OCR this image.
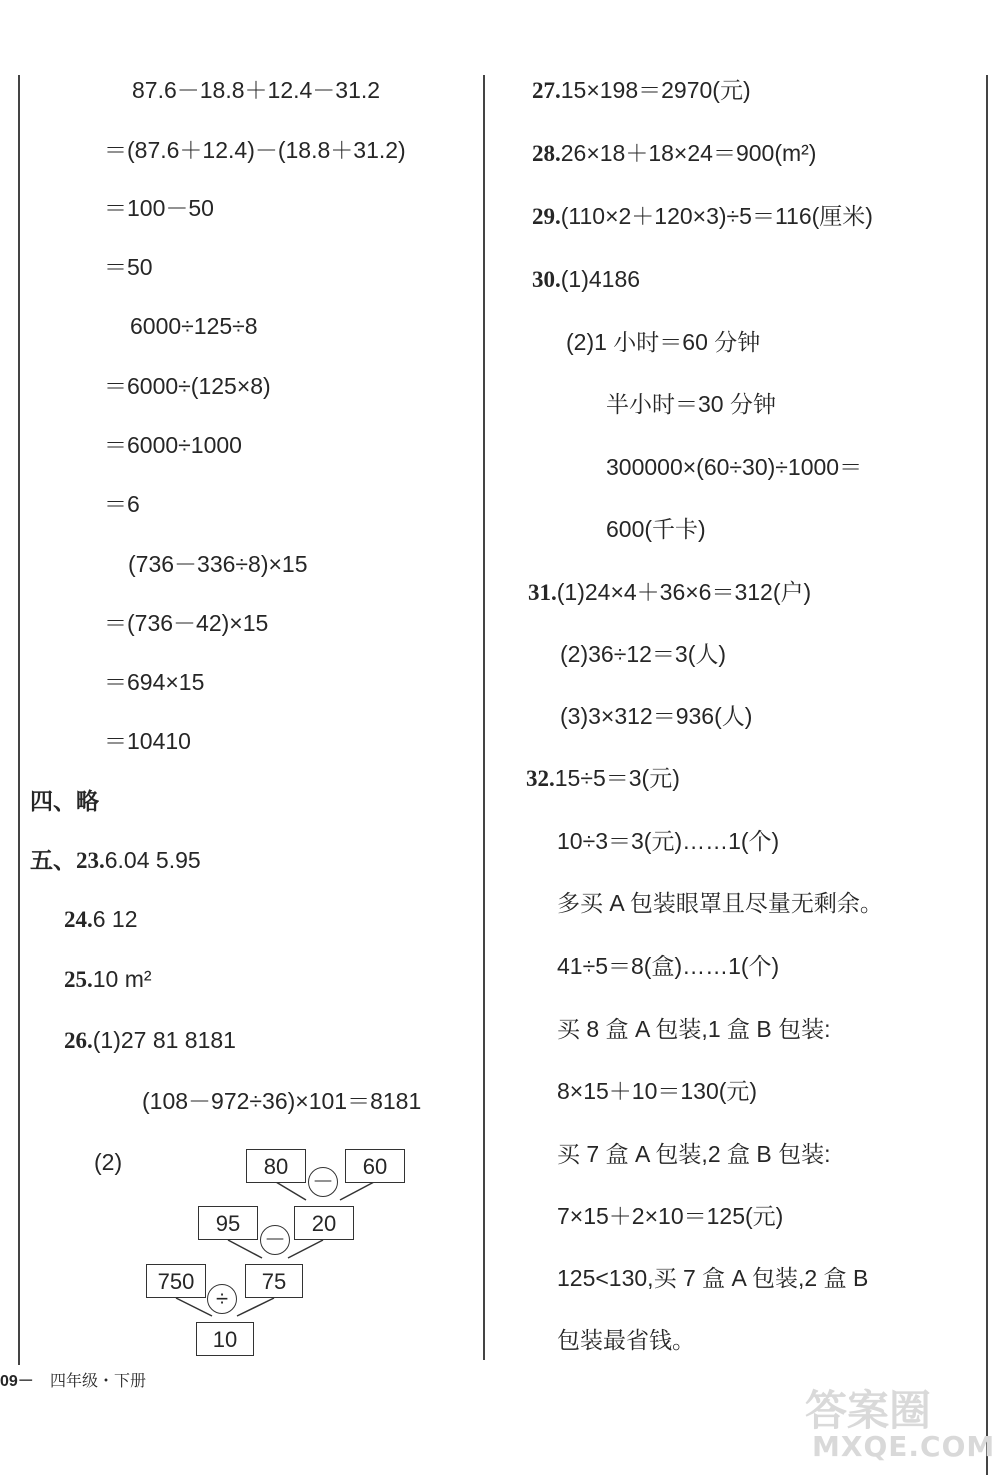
87.6－18.8＋12.4－31.2
＝(87.6＋12.4)－(18.8＋31.2)
＝100－50
＝50
6000÷125÷8
＝6000÷(125×8)
＝6000÷1000
＝6
(736－336÷8)×15
＝(736－42)×15
＝694×15
＝10410
四、略
五、23.6.04 5.95
24.6 12
25.10 m²
26.(1)27 81 8181
(108－972÷36)×101＝8181
(2)	80	60
－
95	20
－
750	75
÷
10
27.15×198＝2970(元)
28.26×18＋18×24＝900(m²)
29.(110×2＋120×3)÷5＝116(厘米)
30.(1)4186
(2)1 小时＝60 分钟
半小时＝30 分钟
300000×(60÷30)÷1000＝
600(千卡)
31.(1)24×4＋36×6＝312(户)
(2)36÷12＝3(人)
(3)3×312＝936(人)
32.15÷5＝3(元)
10÷3＝3(元)……1(个)
多买 A 包装眼罩且尽量无剩余。
41÷5＝8(盒)……1(个)
买 8 盒 A 包装,1 盒 B 包装:
8×15＋10＝130(元)
买 7 盒 A 包装,2 盒 B 包装:
7×15＋2×10＝125(元)
125<130,买 7 盒 A 包装,2 盒 B
包装最省钱。
09－ 四年级・下册
答案圈
MXQE.COM
